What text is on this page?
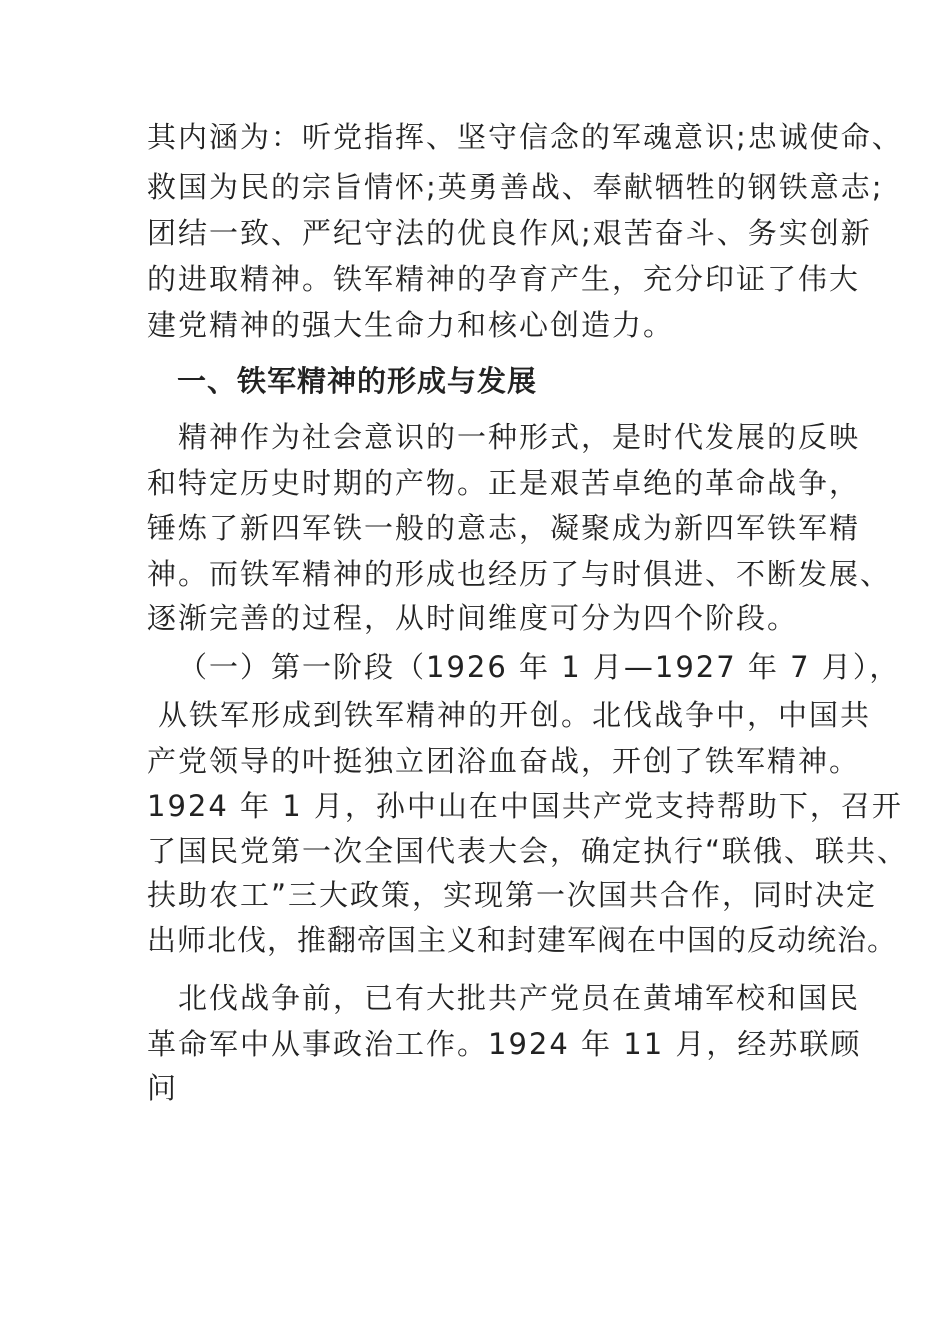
其内涵为：听党指挥、坚守信念的军魂意识;忠诚使命、
救国为民的宗旨情怀;英勇善战、奉献牺牲的钢铁意志;
团结一致、严纪守法的优良作风;艰苦奋斗、务实创新
的进取精神。铁军精神的孕育产生，充分印证了伟大
建党精神的强大生命力和核心创造力。
一、铁军精神的形成与发展
精神作为社会意识的一种形式，是时代发展的反映
和特定历史时期的产物。正是艰苦卓绝的革命战争，
锤炼了新四军铁一般的意志，凝聚成为新四军铁军精
神。而铁军精神的形成也经历了与时俱进、不断发展、
逐渐完善的过程，从时间维度可分为四个阶段。
（一）第一阶段（1926 年 1 月—1927 年 7 月），
从铁军形成到铁军精神的开创。北伐战争中，中国共
产党领导的叶挺独立团浴血奋战，开创了铁军精神。
1924 年 1 月，孙中山在中国共产党支持帮助下，召开
了国民党第一次全国代表大会，确定执行“联俄、联共、
扶助农工”三大政策，实现第一次国共合作，同时决定
出师北伐，推翻帝国主义和封建军阀在中国的反动统治。
北伐战争前，已有大批共产党员在黄埔军校和国民
革命军中从事政治工作。1924 年 11 月，经苏联顾
问
